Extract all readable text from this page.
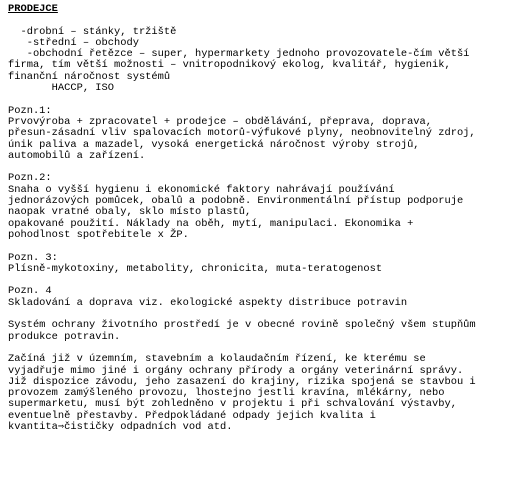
PRODEJCE
-drobní – stánky, tržiště
-střední – obchody
-obchodní řetězce – super, hypermarkety jednoho provozovatele-čím větší
firma, tím větší možnosti – vnitropodnikový ekolog, kvalitář, hygienik,
finanční náročnost systémů
HACCP, ISO
Pozn.1:
Prvovýroba + zpracovatel + prodejce – obdělávání, přeprava, doprava,
přesun-zásadní vliv spalovacích motorů-výfukové plyny, neobnovitelný zdroj,
únik paliva a mazadel, vysoká energetická náročnost výroby strojů,
automobilů a zařízení.
Pozn.2:
Snaha o vyšší hygienu i ekonomické faktory nahrávají používání
jednorázových pomůcek, obalů a podobně. Environmentální přístup podporuje
naopak vratné obaly, sklo místo plastů,
opakované použití. Náklady na oběh, mytí, manipulaci. Ekonomika +
pohodlnost spotřebitele x ŽP.
Pozn. 3:
Plísně-mykotoxiny, metabolity, chronicita, muta-teratogenost
Pozn. 4
Skladování a doprava viz. ekologické aspekty distribuce potravin
Systém ochrany životního prostředí je v obecné rovině společný všem stupňům
produkce potravin.
Začíná již v územním, stavebním a kolaudačním řízení, ke kterému se
vyjadřuje mimo jiné i orgány ochrany přírody a orgány veterinární správy.
Již dispozice závodu, jeho zasazení do krajiny, rizika spojená se stavbou i
provozem zamýšleného provozu, lhostejno jestli kravína, mlékárny, nebo
supermarketu, musí být zohledněno v projektu i při schvalování výstavby,
eventuelně přestavby. Předpokládané odpady jejich kvalita i
kvantita⇒čističky odpadních vod atd.
